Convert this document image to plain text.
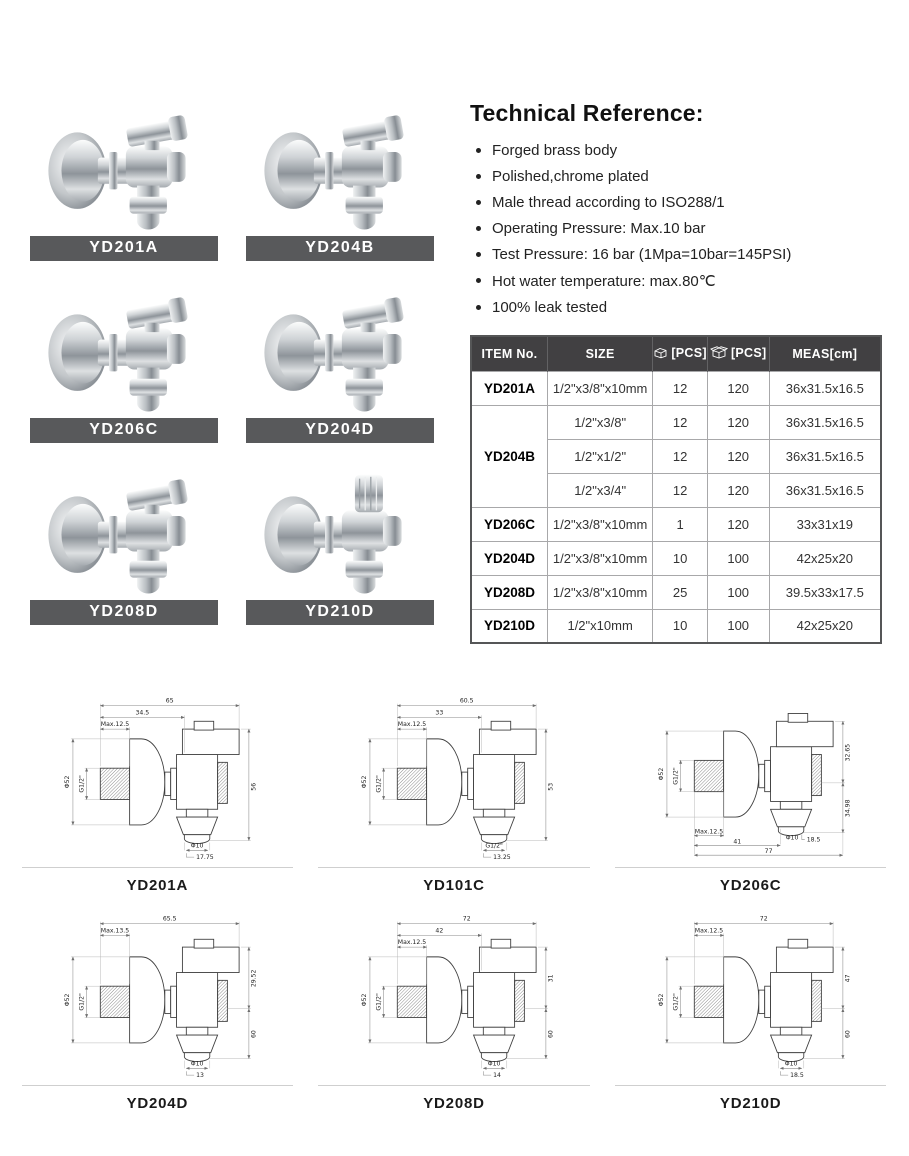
YD201A	YD204B
YD206C	YD204D
YD208D	YD210D
Technical Reference:
Forged brass body
Polished,chrome plated
Male thread according to ISO288/1
Operating Pressure: Max.10 bar
Test Pressure: 16 bar (1Mpa=10bar=145PSI)
Hot water temperature: max.80℃
100% leak tested
ITEM No.	SIZE	[PCS]	[PCS]	MEAS[cm]
YD201A	1/2"x3/8"x10mm	12	120	36x31.5x16.5
YD204B	1/2"x3/8"	12	120	36x31.5x16.5
	1/2"x1/2"	12	120	36x31.5x16.5
	1/2"x3/4"	12	120	36x31.5x16.5
YD206C	1/2"x3/8"x10mm	1	120	33x31x19
YD204D	1/2"x3/8"x10mm	10	100	42x25x20
YD208D	1/2"x3/8"x10mm	25	100	39.5x33x17.5
YD210D	1/2"x10mm	10	100	42x25x20
65
34.5
Max.12.5
Φ52 G1/2"	56
Φ10
17.75
YD201A
60.5
33
Max.12.5
Φ52 G1/2"	53
G1/2"
13.25
YD101C
Φ52 G1/2"
32.65
34.98
Max.12.5
41
77
Φ10 18.5
YD206C
65.5
Max.13.5
Φ52 G1/2"
29.52
60
Φ10
13
YD204D
72
42
Max.12.5
Φ52 G1/2"
31
60
Φ10
14
YD208D
72
Max.12.5
Φ52 G1/2"
47
60
Φ10
18.5
YD210D
